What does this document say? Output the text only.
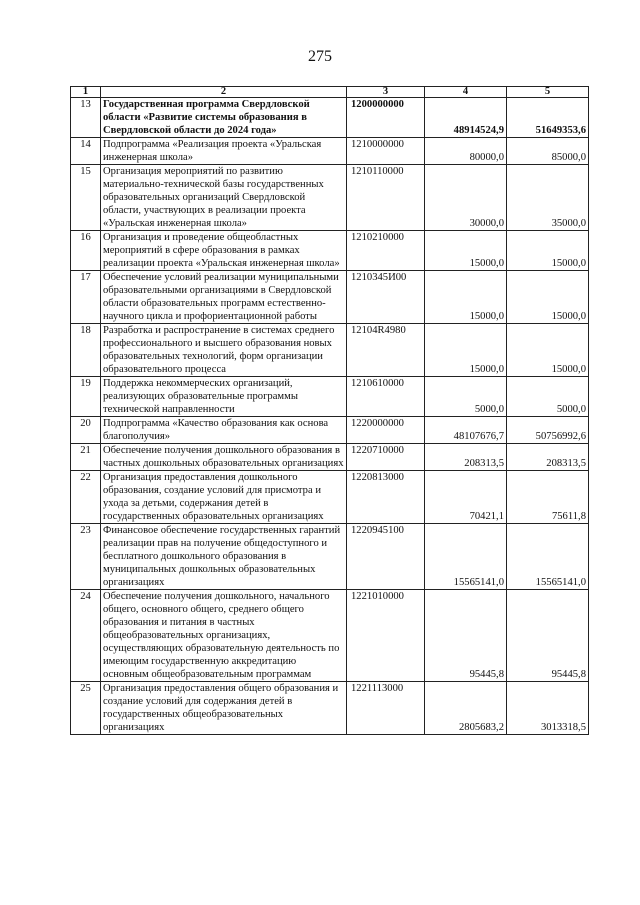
275
1	2	3	4	5
13	Государственная программа Свердловской области «Развитие системы образования в Свердловской области до 2024 года»	1200000000	48914524,9	51649353,6
14	Подпрограмма «Реализация проекта «Уральская инженерная школа»	1210000000	80000,0	85000,0
15	Организация мероприятий по развитию материально-технической базы государственных образовательных организаций Свердловской области, участвующих в реализации проекта «Уральская инженерная школа»	1210110000	30000,0	35000,0
16	Организация и проведение общеобластных мероприятий в сфере образования в рамках реализации проекта «Уральская инженерная школа»	1210210000	15000,0	15000,0
17	Обеспечение условий реализации муниципальными образовательными организациями в Свердловской области образовательных программ естественно-научного цикла и профориентационной работы	1210345И00	15000,0	15000,0
18	Разработка и распространение в системах среднего профессионального и высшего образования новых образовательных технологий, форм организации образовательного процесса	12104R4980	15000,0	15000,0
19	Поддержка некоммерческих организаций, реализующих образовательные программы технической направленности	1210610000	5000,0	5000,0
20	Подпрограмма «Качество образования как основа благополучия»	1220000000	48107676,7	50756992,6
21	Обеспечение получения дошкольного образования в частных дошкольных образовательных организациях	1220710000	208313,5	208313,5
22	Организация предоставления дошкольного образования, создание условий для присмотра и ухода за детьми, содержания детей в государственных образовательных организациях	1220813000	70421,1	75611,8
23	Финансовое обеспечение государственных гарантий реализации прав на получение общедоступного и бесплатного дошкольного образования в муниципальных дошкольных образовательных организациях	1220945100	15565141,0	15565141,0
24	Обеспечение получения дошкольного, начального общего, основного общего, среднего общего образования и питания в частных общеобразовательных организациях, осуществляющих образовательную деятельность по имеющим государственную аккредитацию основным общеобразовательным программам	1221010000	95445,8	95445,8
25	Организация предоставления общего образования и создание условий для содержания детей в государственных общеобразовательных организациях	1221113000	2805683,2	3013318,5
